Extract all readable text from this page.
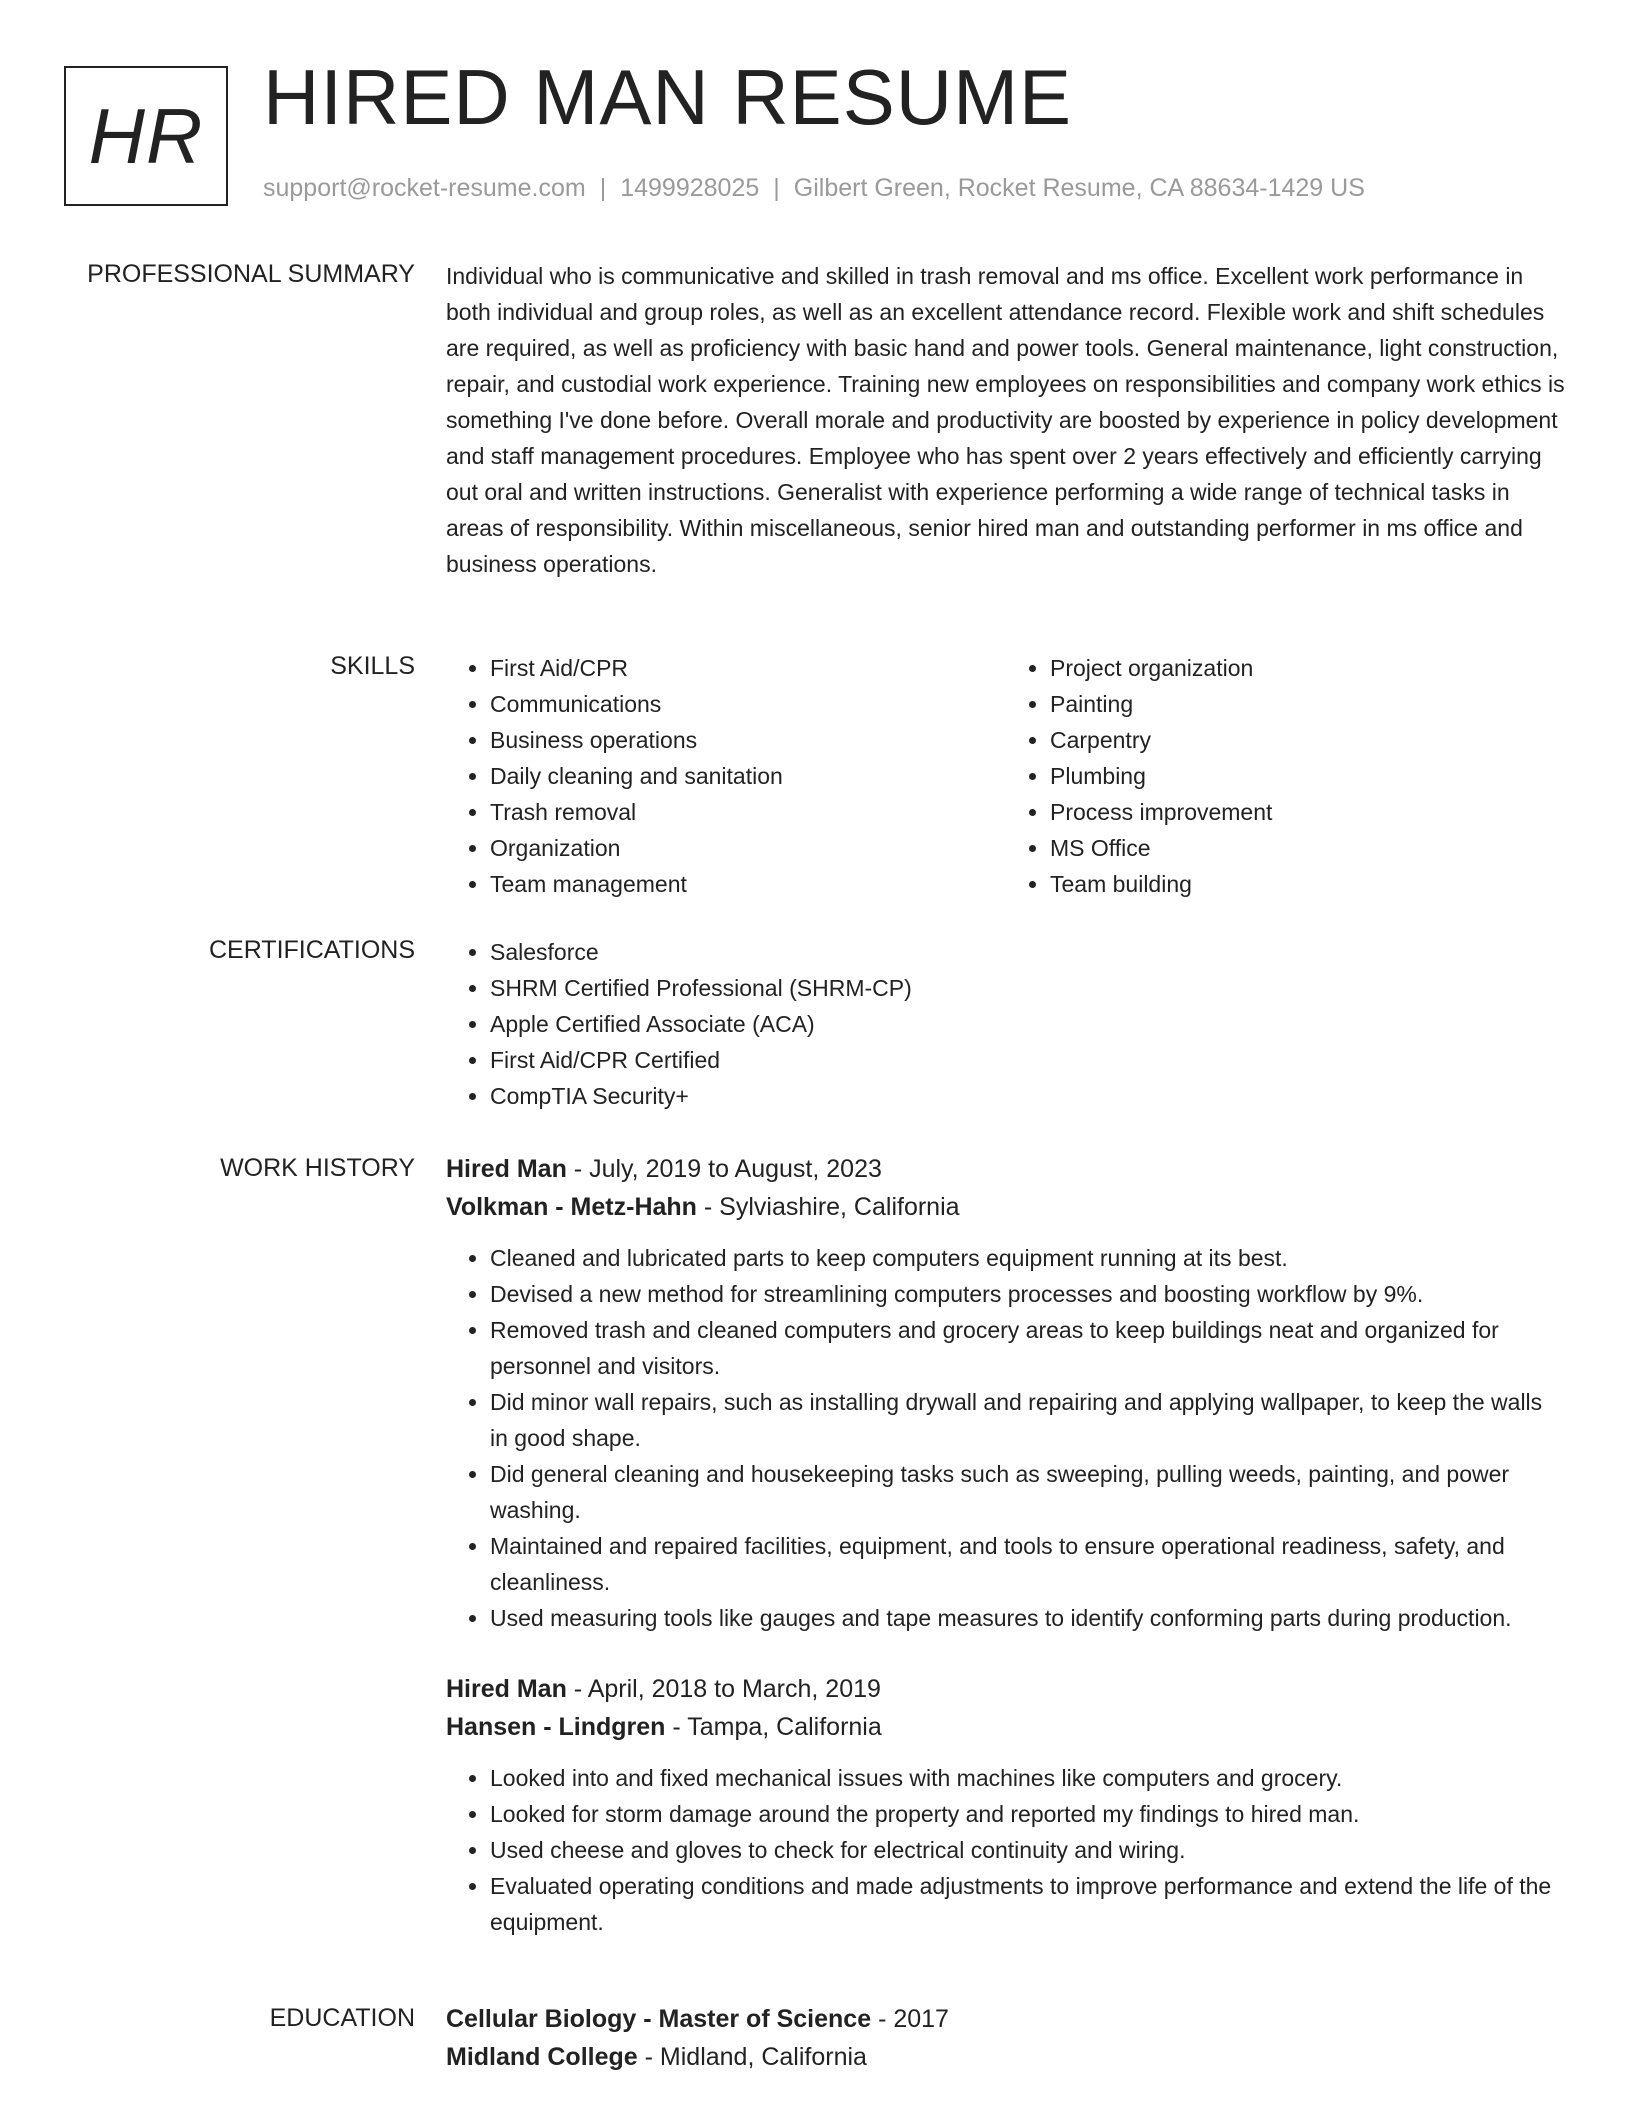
HR HIRED MAN RESUME
support@rocket-resume.com | 1499928025 | Gilbert Green, Rocket Resume, CA 88634-1429 US
PROFESSIONAL SUMMARY Individual who is communicative and skilled in trash removal and ms office. Excellent work performance in both individual and group roles, as well as an excellent attendance record. Flexible work and shift schedules are required, as well as proficiency with basic hand and power tools. General maintenance, light construction, repair, and custodial work experience. Training new employees on responsibilities and company work ethics is something I've done before. Overall morale and productivity are boosted by experience in policy development and staff management procedures. Employee who has spent over 2 years effectively and efficiently carrying out oral and written instructions. Generalist with experience performing a wide range of technical tasks in areas of responsibility. Within miscellaneous, senior hired man and outstanding performer in ms office and business operations.
SKILLS	• First Aid/CPR
• Communications
• Business operations
• Daily cleaning and sanitation
• Trash removal
• Organization
• Team management
• Project organization
• Painting
• Carpentry
• Plumbing
• Process improvement
• MS Office
• Team building
CERTIFICATIONS	• Salesforce
• SHRM Certified Professional (SHRM-CP)
• Apple Certified Associate (ACA)
• First Aid/CPR Certified
• CompTIA Security+
WORK HISTORY Hired Man - July, 2019 to August, 2023
Volkman - Metz-Hahn - Sylviashire, California
• Cleaned and lubricated parts to keep computers equipment running at its best.
• Devised a new method for streamlining computers processes and boosting workflow by 9%.
• Removed trash and cleaned computers and grocery areas to keep buildings neat and organized for personnel and visitors.
• Did minor wall repairs, such as installing drywall and repairing and applying wallpaper, to keep the walls in good shape.
• Did general cleaning and housekeeping tasks such as sweeping, pulling weeds, painting, and power washing.
• Maintained and repaired facilities, equipment, and tools to ensure operational readiness, safety, and cleanliness.
• Used measuring tools like gauges and tape measures to identify conforming parts during production.
Hired Man - April, 2018 to March, 2019
Hansen - Lindgren - Tampa, California
• Looked into and fixed mechanical issues with machines like computers and grocery.
• Looked for storm damage around the property and reported my findings to hired man.
• Used cheese and gloves to check for electrical continuity and wiring.
• Evaluated operating conditions and made adjustments to improve performance and extend the life of the equipment.
EDUCATION Cellular Biology - Master of Science - 2017
Midland College - Midland, California
